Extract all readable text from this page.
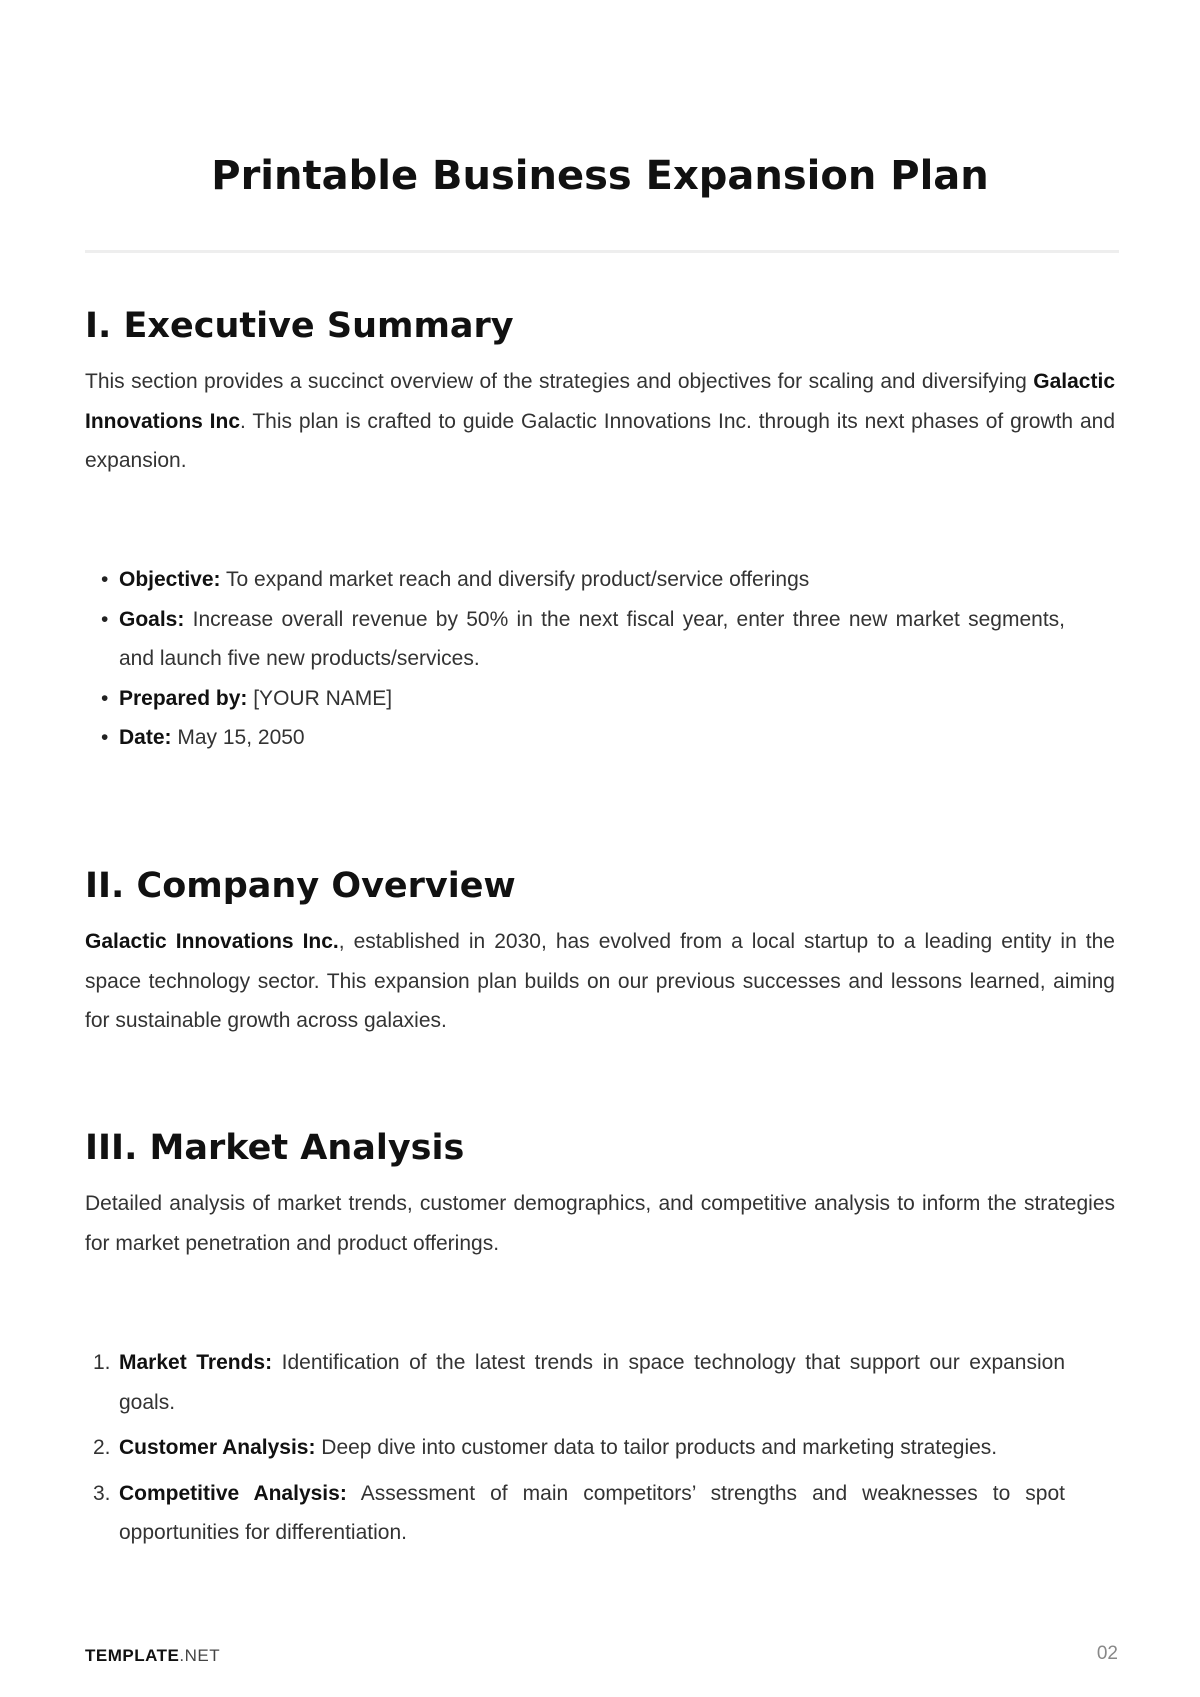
Printable Business Expansion Plan
I. Executive Summary

This section provides a succinct overview of the strategies and objectives for scaling and diversifying Galactic Innovations Inc. This plan is crafted to guide Galactic Innovations Inc. through its next phases of growth and expansion.

• Objective: To expand market reach and diversify product/service offerings
• Goals: Increase overall revenue by 50% in the next fiscal year, enter three new market segments, and launch five new products/services.
• Prepared by: [YOUR NAME]
• Date: May 15, 2050
II. Company Overview

Galactic Innovations Inc., established in 2030, has evolved from a local startup to a leading entity in the space technology sector. This expansion plan builds on our previous successes and lessons learned, aiming for sustainable growth across galaxies.

III. Market Analysis

Detailed analysis of market trends, customer demographics, and competitive analysis to inform the strategies for market penetration and product offerings.

1. Market Trends: Identification of the latest trends in space technology that support our expansion goals.
2. Customer Analysis: Deep dive into customer data to tailor products and marketing strategies.
3. Competitive Analysis: Assessment of main competitors’ strengths and weaknesses to spot opportunities for differentiation.
TEMPLATE.NET	02
